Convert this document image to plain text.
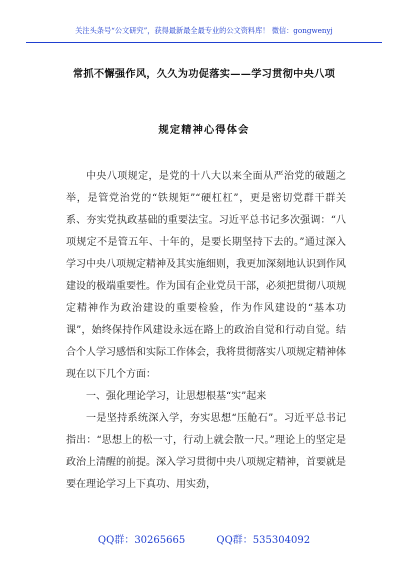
关注头条号“公文研究”，获得最新最全最专业的公文资料库！ 微信：gongwenyj
常抓不懈强作风，久久为功促落实——学习贯彻中央八项
规定精神心得体会

中央八项规定，是党的十八大以来全面从严治党的破题之举，是管党治党的“铁规矩”“硬杠杠”，更是密切党群干群关系、夯实党执政基础的重要法宝。习近平总书记多次强调：“八项规定不是管五年、十年的，是要长期坚持下去的。”通过深入学习中央八项规定精神及其实施细则，我更加深刻地认识到作风建设的极端重要性。作为国有企业党员干部，必须把贯彻八项规定精神作为政治建设的重要检验，作为作风建设的“基本功课”，始终保持作风建设永远在路上的政治自觉和行动自觉。结合个人学习感悟和实际工作体会，我将贯彻落实八项规定精神体现在以下几个方面：

一、强化理论学习，让思想根基“实”起来

一是坚持系统深入学，夯实思想“压舱石”。习近平总书记指出：“思想上的松一寸，行动上就会散一尺。”理论上的坚定是政治上清醒的前提。深入学习贯彻中央八项规定精神，首要就是要在理论学习上下真功、用实劲，

QQ群：30265665	QQ群：535304092
